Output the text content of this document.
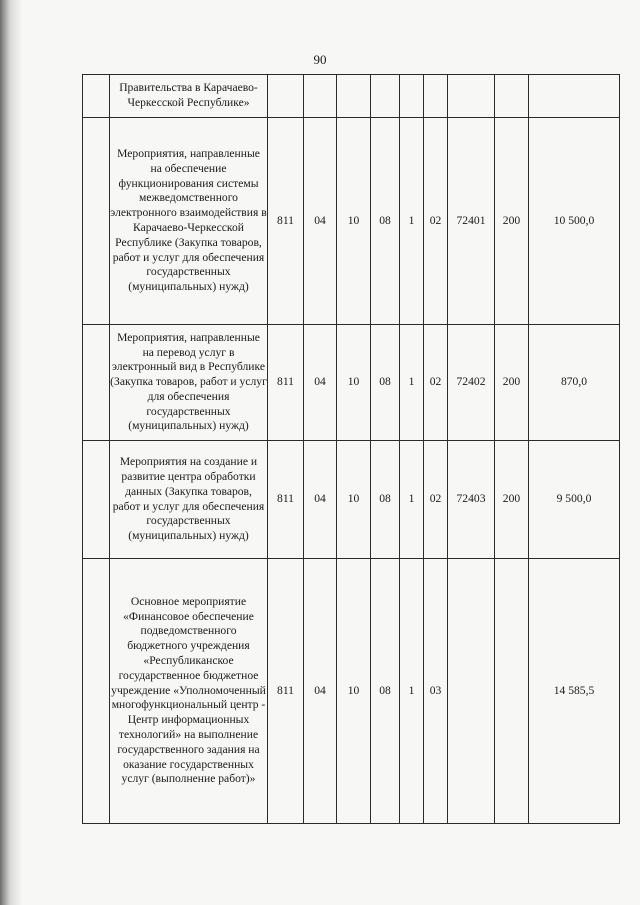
90
	Правительства в Карачаево-Черкесской Республике»									
	Мероприятия, направленные на обеспечение функционирования системы межведомственного электронного взаимодействия в Карачаево-Черкесской Республике (Закупка товаров, работ и услуг для обеспечения государственных (муниципальных) нужд)	811	04	10	08	1	02	72401	200	10 500,0
	Мероприятия, направленные на перевод услуг в электронный вид в Республике (Закупка товаров, работ и услуг для обеспечения государственных (муниципальных) нужд)	811	04	10	08	1	02	72402	200	870,0
	Мероприятия на создание и развитие центра обработки данных (Закупка товаров, работ и услуг для обеспечения государственных (муниципальных) нужд)	811	04	10	08	1	02	72403	200	9 500,0
	Основное мероприятие «Финансовое обеспечение подведомственного бюджетного учреждения «Республиканское государственное бюджетное учреждение «Уполномоченный многофункциональный центр - Центр информационных технологий» на выполнение государственного задания на оказание государственных услуг (выполнение работ)»	811	04	10	08	1	03			14 585,5
